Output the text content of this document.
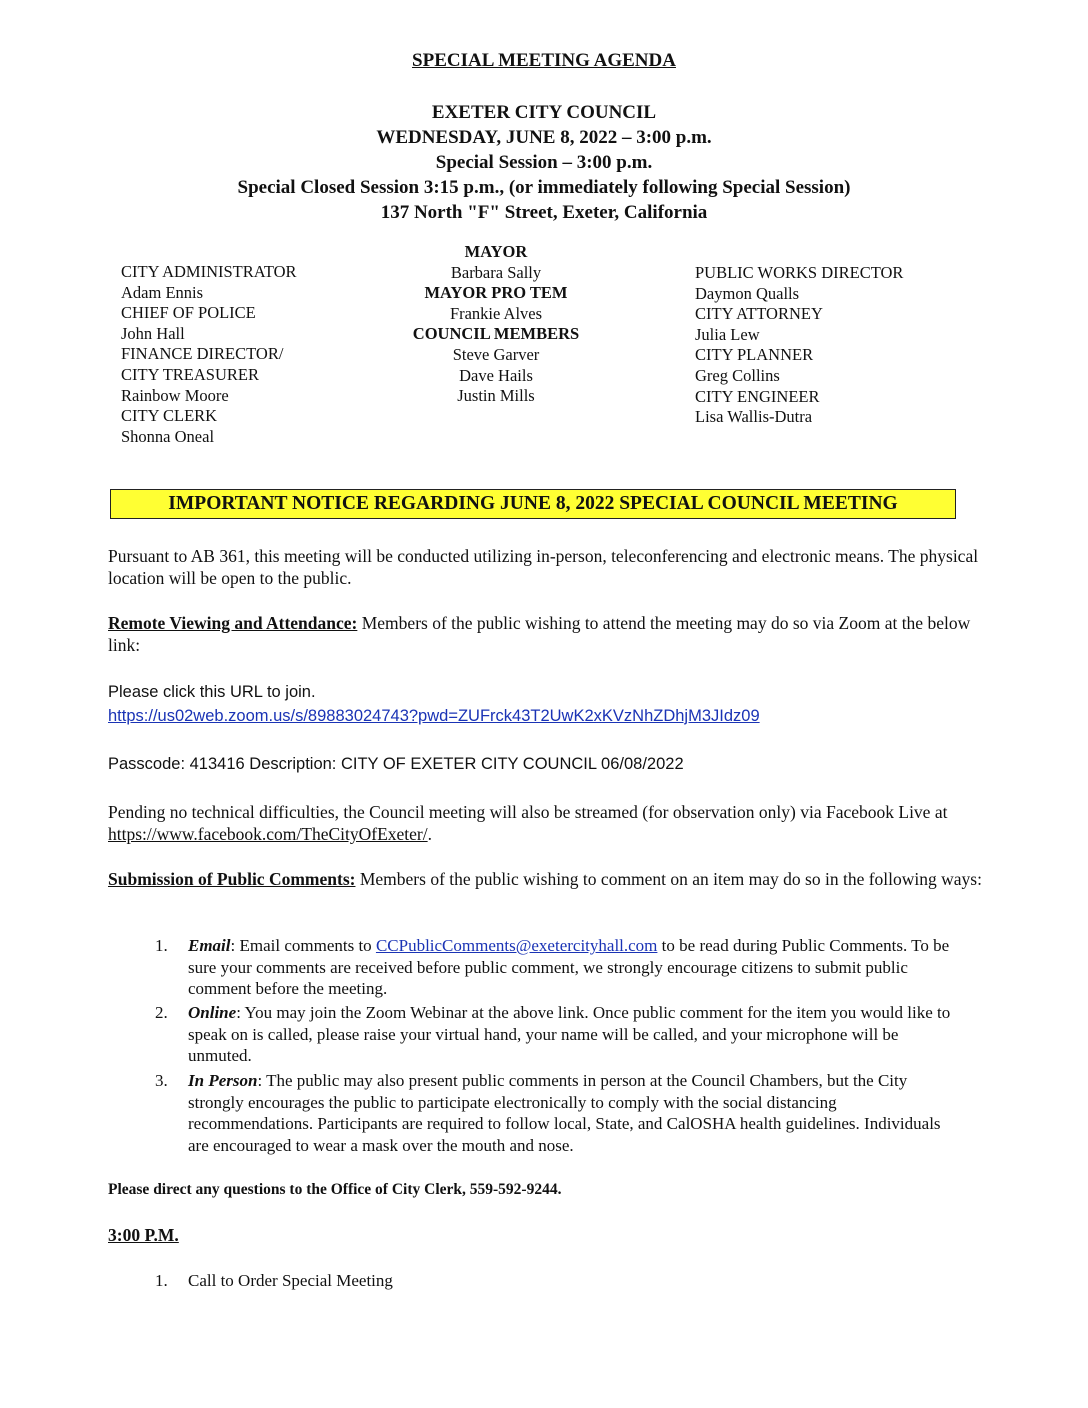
SPECIAL MEETING AGENDA
EXETER CITY COUNCIL
WEDNESDAY, JUNE 8, 2022 – 3:00 p.m.
Special Session – 3:00 p.m.
Special Closed Session 3:15 p.m., (or immediately following Special Session)
137 North "F" Street, Exeter, California
CITY ADMINISTRATOR
Adam Ennis
CHIEF OF POLICE
John Hall
FINANCE DIRECTOR/
CITY TREASURER
Rainbow Moore
CITY CLERK
Shonna Oneal
MAYOR
Barbara Sally
MAYOR PRO TEM
Frankie Alves
COUNCIL MEMBERS
Steve Garver
Dave Hails
Justin Mills
PUBLIC WORKS DIRECTOR
Daymon Qualls
CITY ATTORNEY
Julia Lew
CITY PLANNER
Greg Collins
CITY ENGINEER
Lisa Wallis-Dutra
IMPORTANT NOTICE REGARDING JUNE 8, 2022 SPECIAL COUNCIL MEETING
Pursuant to AB 361, this meeting will be conducted utilizing in-person, teleconferencing and electronic means. The physical location will be open to the public.
Remote Viewing and Attendance: Members of the public wishing to attend the meeting may do so via Zoom at the below link:
Please click this URL to join.
https://us02web.zoom.us/s/89883024743?pwd=ZUFrck43T2UwK2xKVzNhZDhjM3JIdz09
Passcode: 413416 Description: CITY OF EXETER CITY COUNCIL 06/08/2022
Pending no technical difficulties, the Council meeting will also be streamed (for observation only) via Facebook Live at https://www.facebook.com/TheCityOfExeter/.
Submission of Public Comments: Members of the public wishing to comment on an item may do so in the following ways:
1.	Email: Email comments to CCPublicComments@exetercityhall.com to be read during Public Comments. To be sure your comments are received before public comment, we strongly encourage citizens to submit public comment before the meeting.
2.	Online: You may join the Zoom Webinar at the above link. Once public comment for the item you would like to speak on is called, please raise your virtual hand, your name will be called, and your microphone will be unmuted.
3.	In Person: The public may also present public comments in person at the Council Chambers, but the City strongly encourages the public to participate electronically to comply with the social distancing recommendations. Participants are required to follow local, State, and CalOSHA health guidelines. Individuals are encouraged to wear a mask over the mouth and nose.
Please direct any questions to the Office of City Clerk, 559-592-9244.
3:00 P.M.
1.	Call to Order Special Meeting
